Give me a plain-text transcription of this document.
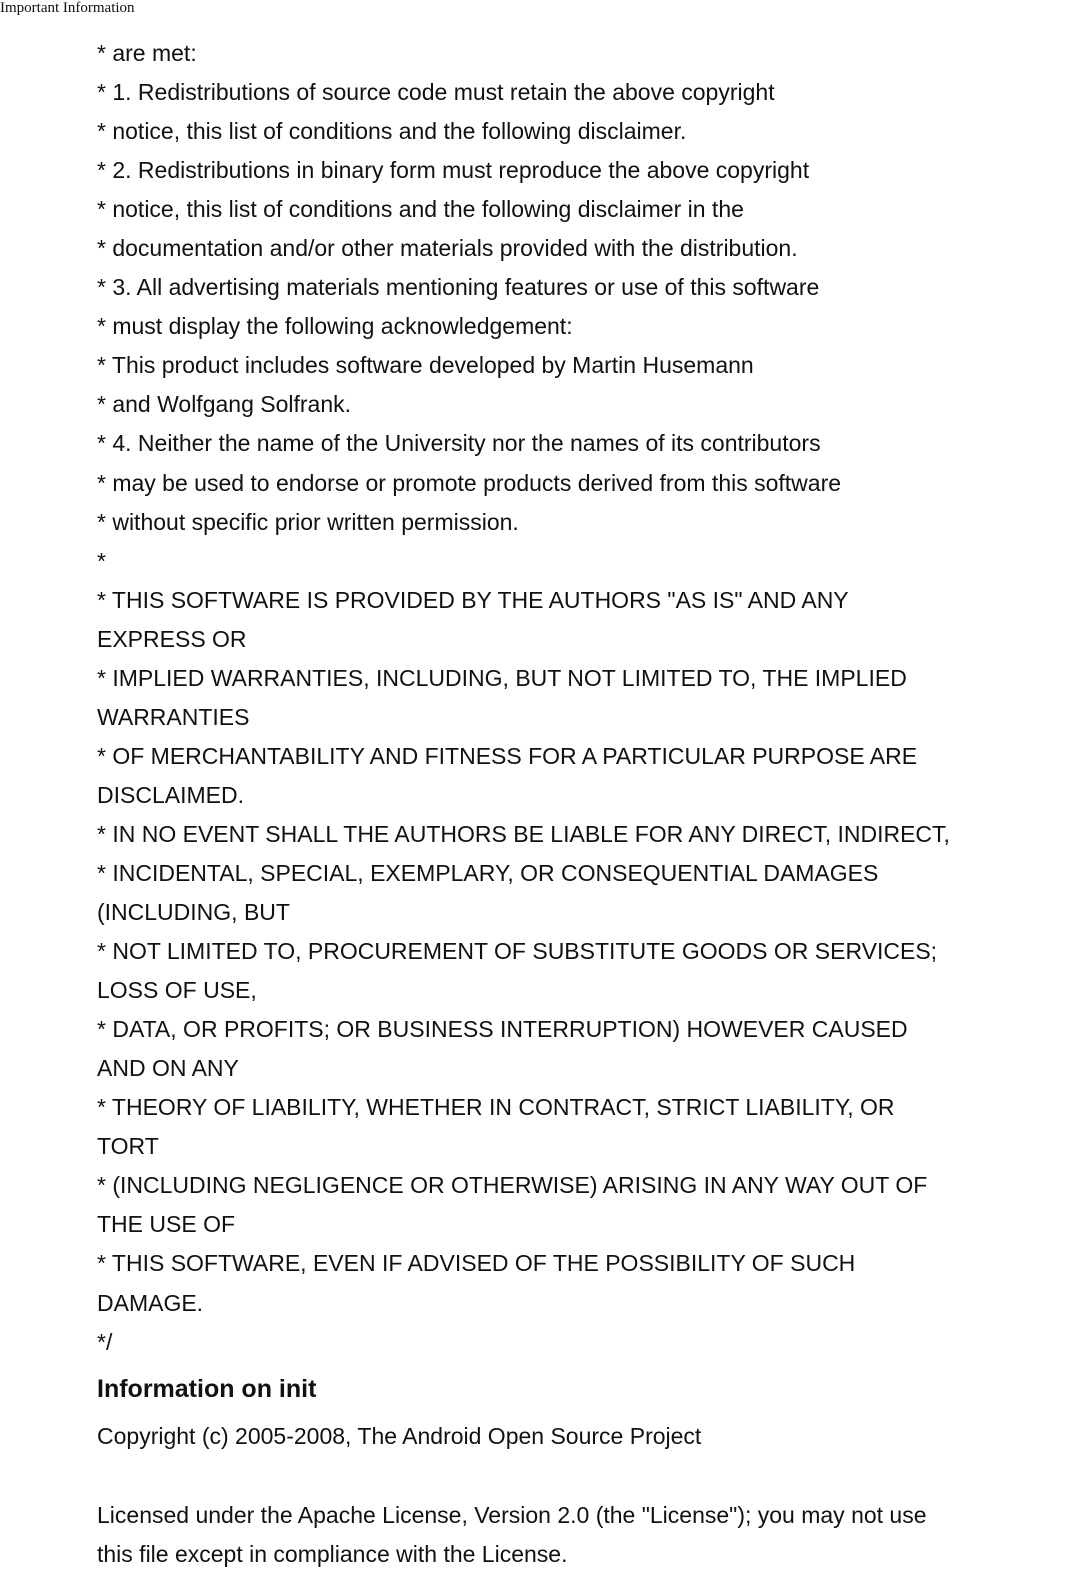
Important Information
* are met:
* 1. Redistributions of source code must retain the above copyright
* notice, this list of conditions and the following disclaimer.
* 2. Redistributions in binary form must reproduce the above copyright
* notice, this list of conditions and the following disclaimer in the
* documentation and/or other materials provided with the distribution.
* 3. All advertising materials mentioning features or use of this software
* must display the following acknowledgement:
* This product includes software developed by Martin Husemann
* and Wolfgang Solfrank.
* 4. Neither the name of the University nor the names of its contributors
* may be used to endorse or promote products derived from this software
* without specific prior written permission.
*
* THIS SOFTWARE IS PROVIDED BY THE AUTHORS "AS IS" AND ANY
EXPRESS OR
* IMPLIED WARRANTIES, INCLUDING, BUT NOT LIMITED TO, THE IMPLIED
WARRANTIES
* OF MERCHANTABILITY AND FITNESS FOR A PARTICULAR PURPOSE ARE
DISCLAIMED.
* IN NO EVENT SHALL THE AUTHORS BE LIABLE FOR ANY DIRECT, INDIRECT,
* INCIDENTAL, SPECIAL, EXEMPLARY, OR CONSEQUENTIAL DAMAGES
(INCLUDING, BUT
* NOT LIMITED TO, PROCUREMENT OF SUBSTITUTE GOODS OR SERVICES;
LOSS OF USE,
* DATA, OR PROFITS; OR BUSINESS INTERRUPTION) HOWEVER CAUSED
AND ON ANY
* THEORY OF LIABILITY, WHETHER IN CONTRACT, STRICT LIABILITY, OR
TORT
* (INCLUDING NEGLIGENCE OR OTHERWISE) ARISING IN ANY WAY OUT OF
THE USE OF
* THIS SOFTWARE, EVEN IF ADVISED OF THE POSSIBILITY OF SUCH
DAMAGE.
*/
Information on init
Copyright (c) 2005-2008, The Android Open Source Project
Licensed under the Apache License, Version 2.0 (the "License"); you may not use
this file except in compliance with the License.
